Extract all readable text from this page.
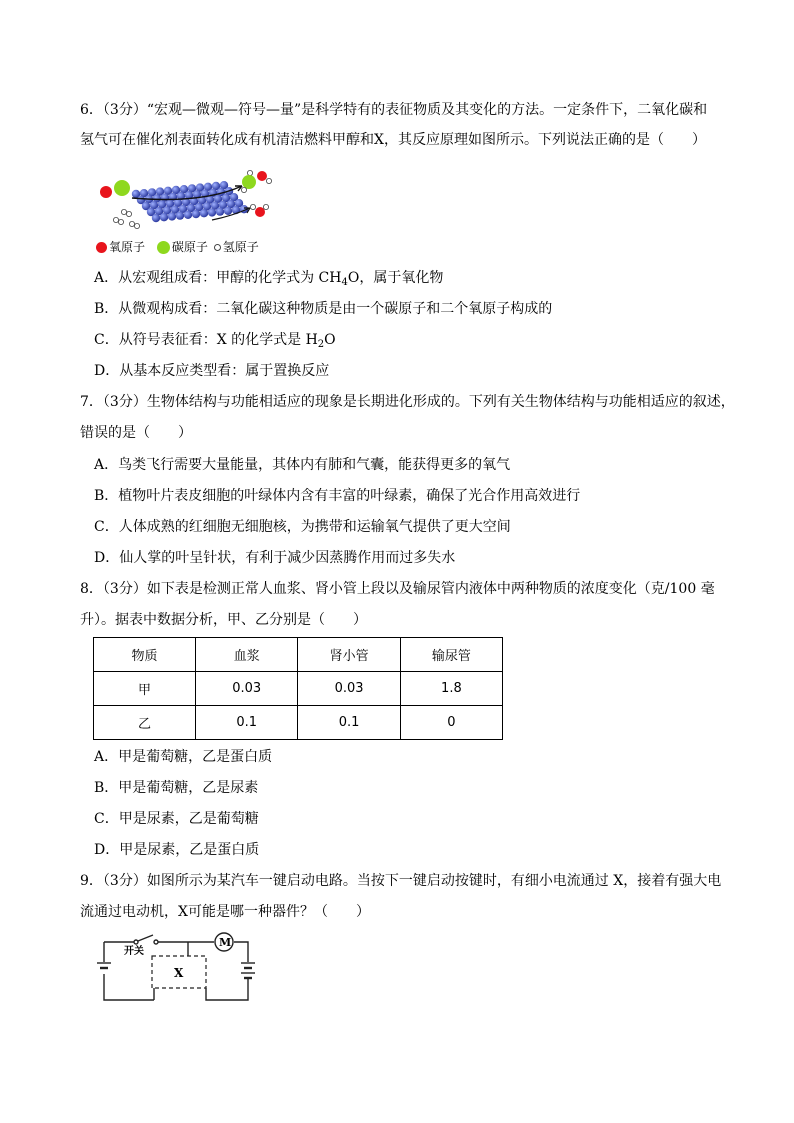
6．（3分）“宏观—微观—符号—量”是科学特有的表征物质及其变化的方法。一定条件下，二氧化碳和
氢气可在催化剂表面转化成有机清洁燃料甲醇和X，其反应原理如图所示。下列说法正确的是（　　）
氧原子 碳原子 氢原子
A．从宏观组成看：甲醇的化学式为 $CH_4O$，属于氧化物
B．从微观构成看：二氧化碳这种物质是由一个碳原子和二个氧原子构成的
C．从符号表征看：X 的化学式是 $H_2O$
D．从基本反应类型看：属于置换反应
7．（3分）生物体结构与功能相适应的现象是长期进化形成的。下列有关生物体结构与功能相适应的叙述，
错误的是（　　）
A．鸟类飞行需要大量能量，其体内有肺和气囊，能获得更多的氧气
B．植物叶片表皮细胞的叶绿体内含有丰富的叶绿素，确保了光合作用高效进行
C．人体成熟的红细胞无细胞核，为携带和运输氧气提供了更大空间
D．仙人掌的叶呈针状，有利于减少因蒸腾作用而过多失水
8．（3分）如下表是检测正常人血浆、肾小管上段以及输尿管内液体中两种物质的浓度变化（克/100 毫
升）。据表中数据分析，甲、乙分别是（　　）
物质	血浆	肾小管	输尿管
甲	0.03	0.03	1.8
乙	0.1	0.1	0
A．甲是葡萄糖，乙是蛋白质
B．甲是葡萄糖，乙是尿素
C．甲是尿素，乙是葡萄糖
D．甲是尿素，乙是蛋白质
9．（3分）如图所示为某汽车一键启动电路。当按下一键启动按键时，有细小电流通过 X，接着有强大电
流通过电动机，X可能是哪一种器件？（　　）
开关
X
M
